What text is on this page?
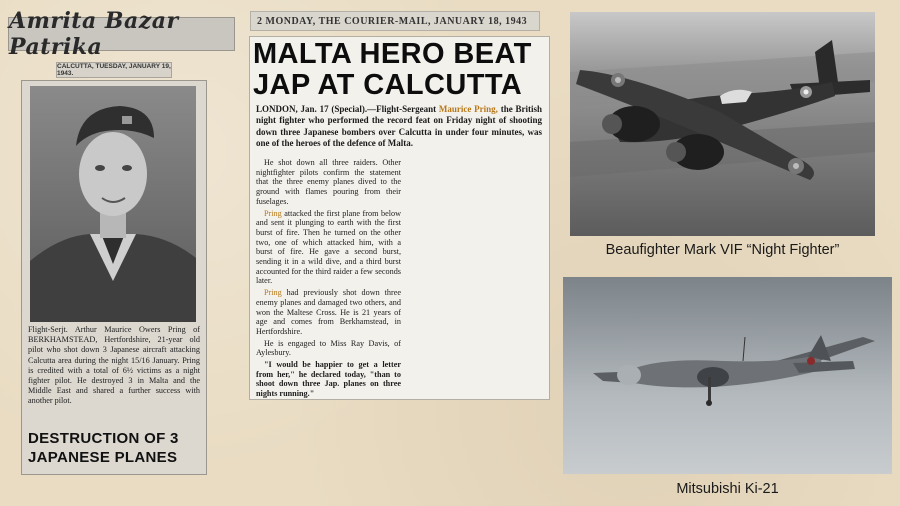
Amrita Bazar Patrika
CALCUTTA, TUESDAY, JANUARY 19, 1943.
Flight-Serjt. Arthur Maurice Owers Pring of BERKHAMSTEAD, Hertfordshire, 21-year old pilot who shot down 3 Japanese aircraft attacking Calcutta area during the night 15/16 January. Pring is credited with a total of 6½ victims as a night fighter pilot. He destroyed 3 in Malta and the Middle East and shared a further success with another pilot.
DESTRUCTION OF 3
JAPANESE PLANES
2 MONDAY, THE COURIER-MAIL, JANUARY 18, 1943
MALTA HERO BEAT
JAP AT CALCUTTA
LONDON, Jan. 17 (Special).—Flight-Sergeant Maurice Pring, the British night fighter who performed the record feat on Friday night of shooting down three Japanese bombers over Calcutta in under four minutes, was one of the heroes of the defence of Malta.

He shot down all three raiders. Other nightfighter pilots confirm the statement that the three enemy planes dived to the ground with flames pouring from their fuselages.

Pring attacked the first plane from below and sent it plunging to earth with the first burst of fire. Then he turned on the other two, one of which attacked him, with a burst of fire. He gave a second burst, sending it in a wild dive, and a third burst accounted for the third raider a few seconds later.

Pring had previously shot down three enemy planes and damaged two others, and won the Maltese Cross. He is 21 years of age and comes from Berkhamstead, in Hertfordshire.

He is engaged to Miss Ray Davis, of Aylesbury.

"I would be happier to get a letter from her," he declared today, "than to shoot down three Jap. planes on three nights running."

Beaufighter Mark VIF “Night Fighter”
Mitsubishi Ki-21
